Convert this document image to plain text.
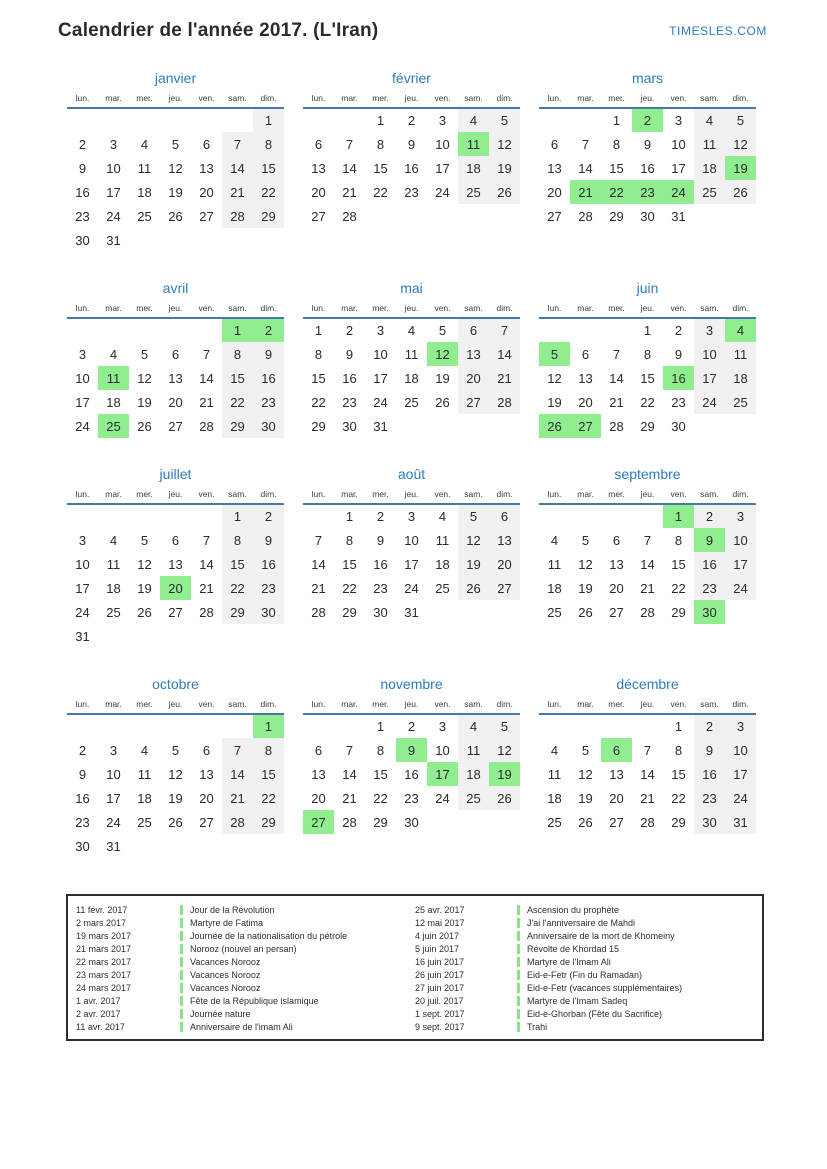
Calendrier de l'année 2017. (L'Iran)	TIMESLES.COM
janvier
lun.	mar.	mer.	jeu.	ven.	sam.	dim.
						1
2	3	4	5	6	7	8
9	10	11	12	13	14	15
16	17	18	19	20	21	22
23	24	25	26	27	28	29
30	31					
février
lun.	mar.	mer.	jeu.	ven.	sam.	dim.
		1	2	3	4	5
6	7	8	9	10	11	12
13	14	15	16	17	18	19
20	21	22	23	24	25	26
27	28					
mars
lun.	mar.	mer.	jeu.	ven.	sam.	dim.
		1	2	3	4	5
6	7	8	9	10	11	12
13	14	15	16	17	18	19
20	21	22	23	24	25	26
27	28	29	30	31		
avril
lun.	mar.	mer.	jeu.	ven.	sam.	dim.
					1	2
3	4	5	6	7	8	9
10	11	12	13	14	15	16
17	18	19	20	21	22	23
24	25	26	27	28	29	30
mai
lun.	mar.	mer.	jeu.	ven.	sam.	dim.
1	2	3	4	5	6	7
8	9	10	11	12	13	14
15	16	17	18	19	20	21
22	23	24	25	26	27	28
29	30	31				
juin
lun.	mar.	mer.	jeu.	ven.	sam.	dim.
			1	2	3	4
5	6	7	8	9	10	11
12	13	14	15	16	17	18
19	20	21	22	23	24	25
26	27	28	29	30		
juillet
lun.	mar.	mer.	jeu.	ven.	sam.	dim.
					1	2
3	4	5	6	7	8	9
10	11	12	13	14	15	16
17	18	19	20	21	22	23
24	25	26	27	28	29	30
31						
août
lun.	mar.	mer.	jeu.	ven.	sam.	dim.
	1	2	3	4	5	6
7	8	9	10	11	12	13
14	15	16	17	18	19	20
21	22	23	24	25	26	27
28	29	30	31			
septembre
lun.	mar.	mer.	jeu.	ven.	sam.	dim.
				1	2	3
4	5	6	7	8	9	10
11	12	13	14	15	16	17
18	19	20	21	22	23	24
25	26	27	28	29	30	
octobre
lun.	mar.	mer.	jeu.	ven.	sam.	dim.
						1
2	3	4	5	6	7	8
9	10	11	12	13	14	15
16	17	18	19	20	21	22
23	24	25	26	27	28	29
30	31					
novembre
lun.	mar.	mer.	jeu.	ven.	sam.	dim.
		1	2	3	4	5
6	7	8	9	10	11	12
13	14	15	16	17	18	19
20	21	22	23	24	25	26
27	28	29	30			
décembre
lun.	mar.	mer.	jeu.	ven.	sam.	dim.
				1	2	3
4	5	6	7	8	9	10
11	12	13	14	15	16	17
18	19	20	21	22	23	24
25	26	27	28	29	30	31
11 févr. 2017	Jour de la Révolution
2 mars 2017	Martyre de Fatima
19 mars 2017	Journée de la nationalisation du pétrole
21 mars 2017	Norooz (nouvel an persan)
22 mars 2017	Vacances Norooz
23 mars 2017	Vacances Norooz
24 mars 2017	Vacances Norooz
1 avr. 2017	Fête de la République islamique
2 avr. 2017	Journée nature
11 avr. 2017	Anniversaire de l'imam Ali
25 avr. 2017	Ascension du prophète
12 mai 2017	J'ai l'anniversaire de Mahdi
4 juin 2017	Anniversaire de la mort de Khomeiny
5 juin 2017	Révolte de Khordad 15
16 juin 2017	Martyre de l'Imam Ali
26 juin 2017	Eid-e-Fetr (Fin du Ramadan)
27 juin 2017	Eid-e-Fetr (vacances supplémentaires)
20 juil. 2017	Martyre de l'Imam Sadeq
1 sept. 2017	Eid-e-Ghorban (Fête du Sacrifice)
9 sept. 2017	Trahi
